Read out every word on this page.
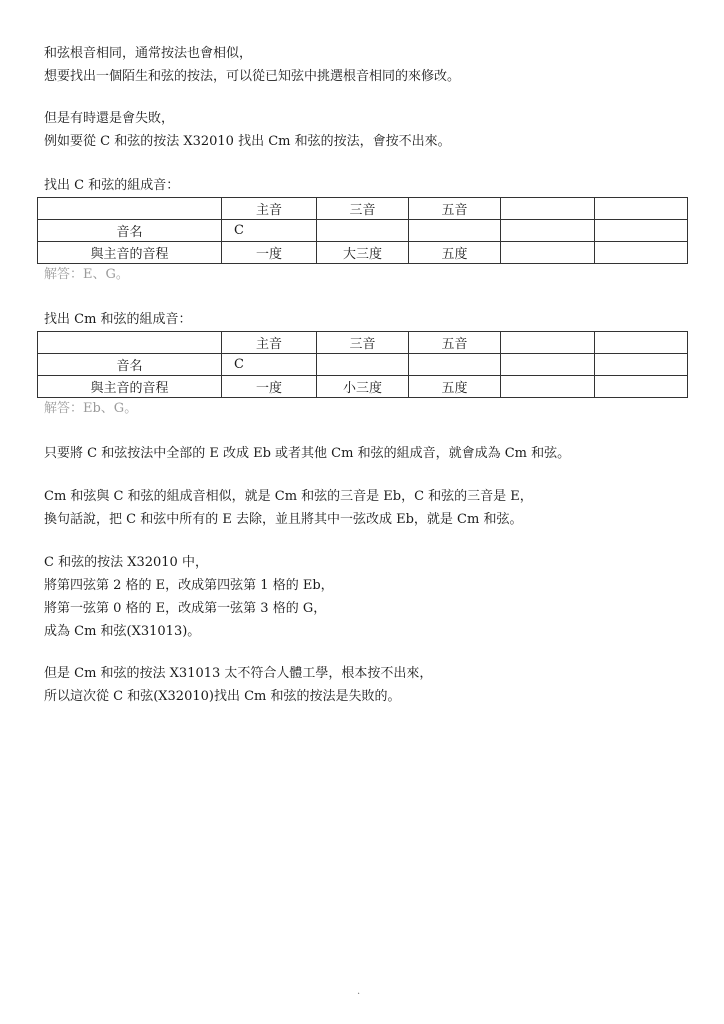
和弦根音相同，通常按法也會相似，
想要找出一個陌生和弦的按法，可以從已知弦中挑選根音相同的來修改。
但是有時還是會失敗，
例如要從 C 和弦的按法 X32010 找出 Cm 和弦的按法，會按不出來。
找出 C 和弦的組成音：
	主音	三音	五音		
音名	C				
與主音的音程	一度	大三度	五度		
解答：E、G。
找出 Cm 和弦的組成音：
	主音	三音	五音		
音名	C				
與主音的音程	一度	小三度	五度		
解答：Eb、G。
只要將 C 和弦按法中全部的 E 改成 Eb 或者其他 Cm 和弦的組成音，就會成為 Cm 和弦。
Cm 和弦與 C 和弦的組成音相似，就是 Cm 和弦的三音是 Eb，C 和弦的三音是 E，
換句話說，把 C 和弦中所有的 E 去除，並且將其中一弦改成 Eb，就是 Cm 和弦。
C 和弦的按法 X32010 中，
將第四弦第 2 格的 E，改成第四弦第 1 格的 Eb，
將第一弦第 0 格的 E，改成第一弦第 3 格的 G，
成為 Cm 和弦(X31013)。
但是 Cm 和弦的按法 X31013 太不符合人體工學，根本按不出來，
所以這次從 C 和弦(X32010)找出 Cm 和弦的按法是失敗的。
.
